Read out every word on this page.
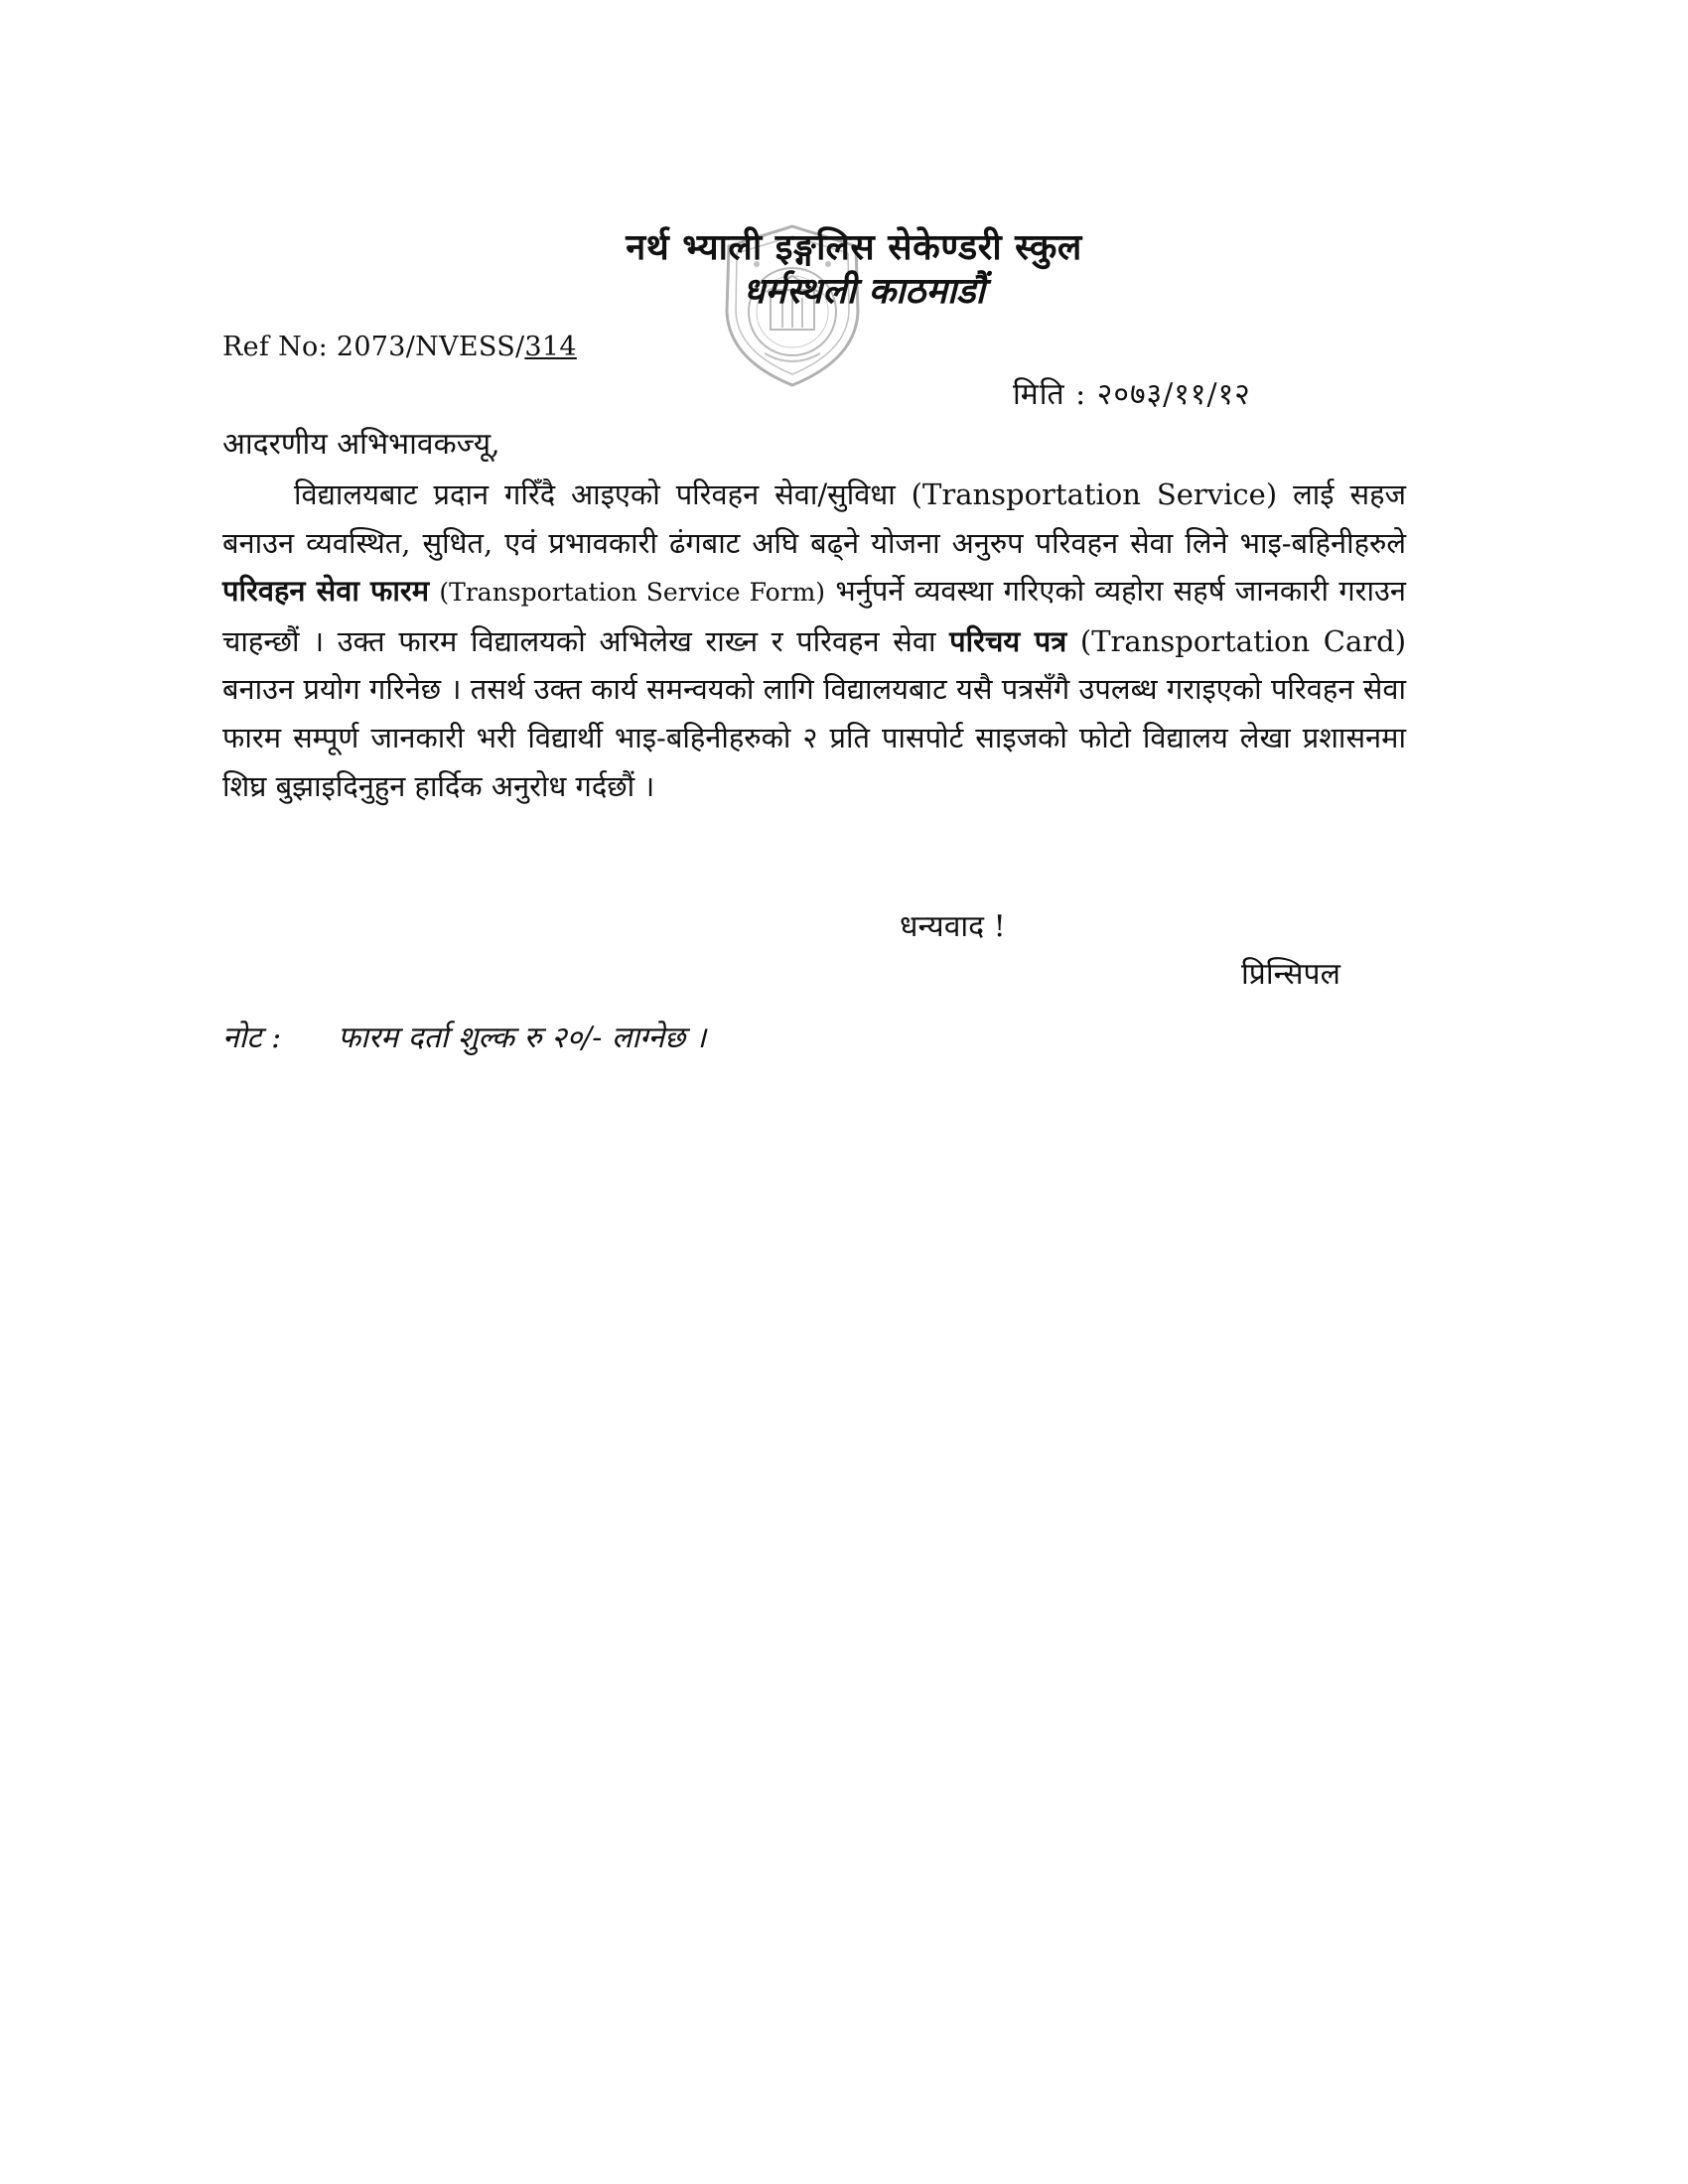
नर्थ भ्याली इङ्गलिस सेकेण्डरी स्कुल
धर्मस्थली काठमाडौं
Ref No: 2073/NVESS/314
मिति : २०७३/११/१२
आदरणीय अभिभावकज्यू,
विद्यालयबाट प्रदान गरिँदै आइएको परिवहन सेवा/सुविधा (Transportation Service) लाई सहज बनाउन व्यवस्थित, सुधित, एवं प्रभावकारी ढंगबाट अघि बढ्ने योजना अनुरुप परिवहन सेवा लिने भाइ-बहिनीहरुले परिवहन सेवा फारम (Transportation Service Form) भर्नुपर्ने व्यवस्था गरिएको व्यहोरा सहर्ष जानकारी गराउन चाहन्छौं । उक्त फारम विद्यालयको अभिलेख राख्न र परिवहन सेवा परिचय पत्र (Transportation Card) बनाउन प्रयोग गरिनेछ । तसर्थ उक्त कार्य समन्वयको लागि विद्यालयबाट यसै पत्रसँगै उपलब्ध गराइएको परिवहन सेवा फारम सम्पूर्ण जानकारी भरी विद्यार्थी भाइ-बहिनीहरुको २ प्रति पासपोर्ट साइजको फोटो विद्यालय लेखा प्रशासनमा शिघ्र बुझाइदिनुहुन हार्दिक अनुरोध गर्दछौं ।
धन्यवाद !
प्रिन्सिपल
नोट : फारम दर्ता शुल्क रु २०/- लाग्नेछ ।
